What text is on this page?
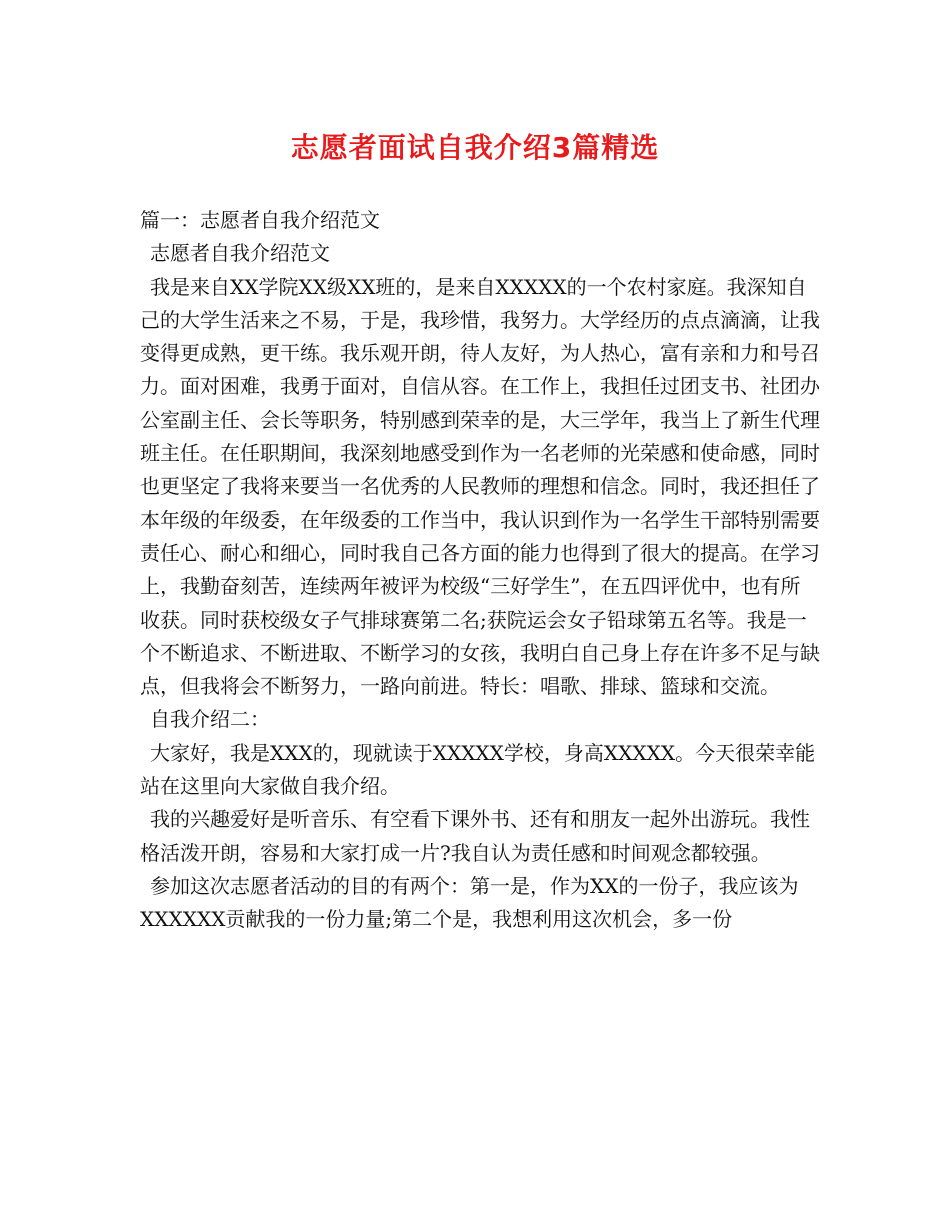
志愿者面试自我介绍3篇精选

篇一：志愿者自我介绍范文

志愿者自我介绍范文

我是来自XX学院XX级XX班的，是来自XXXXX的一个农村家庭。我深知自己的大学生活来之不易，于是，我珍惜，我努力。大学经历的点点滴滴，让我变得更成熟，更干练。我乐观开朗，待人友好，为人热心，富有亲和力和号召力。面对困难，我勇于面对，自信从容。在工作上，我担任过团支书、社团办公室副主任、会长等职务，特别感到荣幸的是，大三学年，我当上了新生代理班主任。在任职期间，我深刻地感受到作为一名老师的光荣感和使命感，同时也更坚定了我将来要当一名优秀的人民教师的理想和信念。同时，我还担任了本年级的年级委，在年级委的工作当中，我认识到作为一名学生干部特别需要责任心、耐心和细心，同时我自己各方面的能力也得到了很大的提高。在学习上，我勤奋刻苦，连续两年被评为校级“三好学生”，在五四评优中，也有所收获。同时获校级女子气排球赛第二名;获院运会女子铅球第五名等。我是一个不断追求、不断进取、不断学习的女孩，我明白自己身上存在许多不足与缺点，但我将会不断努力，一路向前进。特长：唱歌、排球、篮球和交流。

自我介绍二：

大家好，我是XXX的，现就读于XXXXX学校，身高XXXXX。今天很荣幸能站在这里向大家做自我介绍。

我的兴趣爱好是听音乐、有空看下课外书、还有和朋友一起外出游玩。我性格活泼开朗，容易和大家打成一片?我自认为责任感和时间观念都较强。

参加这次志愿者活动的目的有两个：第一是，作为XX的一份子，我应该为XXXXXX贡献我的一份力量;第二个是，我想利用这次机会，多一份
